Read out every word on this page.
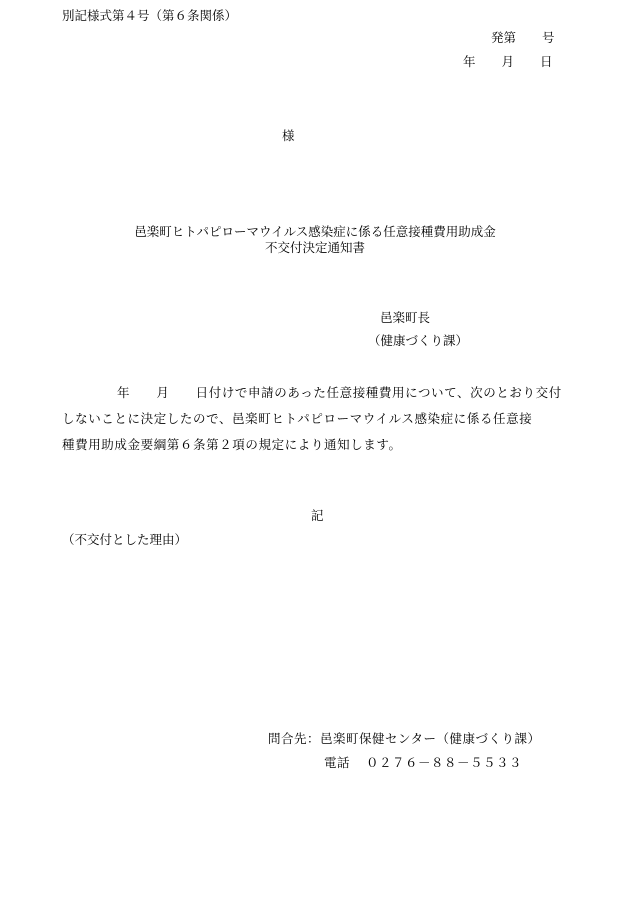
別記様式第４号（第６条関係）
発第 号
年 月 日
様
邑楽町ヒトパピローマウイルス感染症に係る任意接種費用助成金
不交付決定通知書
邑楽町長
（健康づくり課）
年　　 月　　 日付けで申請のあった任意接種費用について、次のとおり交付
しないことに決定したので、邑楽町ヒトパピローマウイルス感染症に係る任意接
種費用助成金要綱第６条第２項の規定により通知します。
記
（不交付とした理由）
問合先：邑楽町保健センター（健康づくり課）
電話 ０２７６－８８－５５３３
